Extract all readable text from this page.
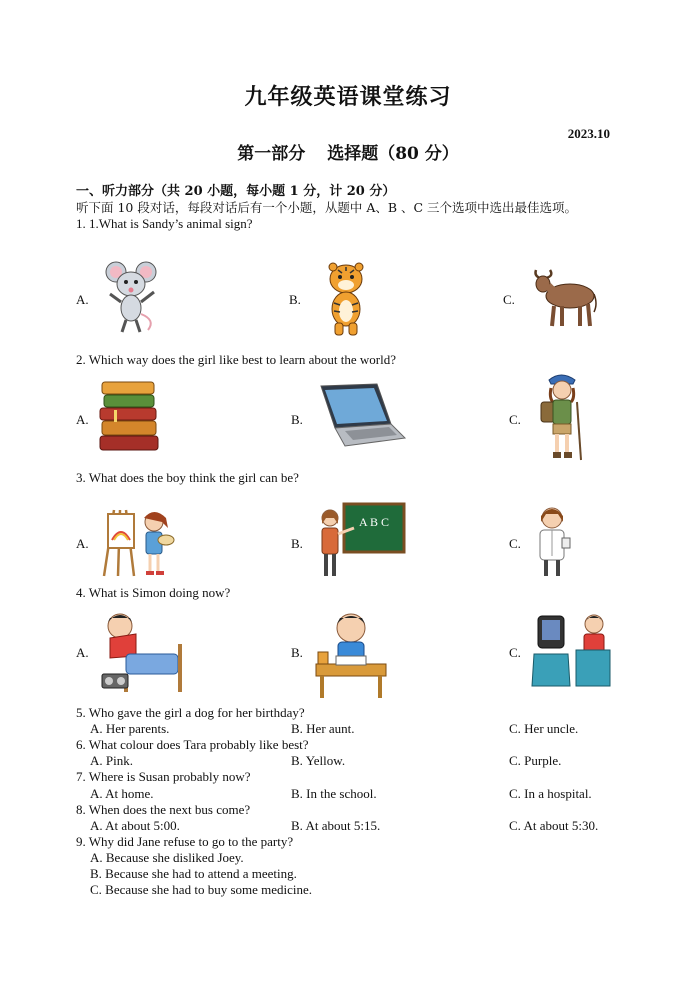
九年级英语课堂练习
2023.10
第一部分 选择题（80 分）
一、听力部分（共 20 小题，每小题 1 分，计 20 分）
听下面 10 段对话，每段对话后有一个小题，从题中 A、B 、C 三个选项中选出最佳选项。
1. 1.What is Sandy’s animal sign?
A.	B.	C.
2. Which way does the girl like best to learn about the world?
A.	B.	C.
3. What does the boy think the girl can be?
A.	B.	C.
A B C
4. What is Simon doing now?
A.	B.	C.
5. Who gave the girl a dog for her birthday?
A. Her parents.	B. Her aunt.	C. Her uncle.
6. What colour does Tara probably like best?
A. Pink.	B. Yellow.	C. Purple.
7. Where is Susan probably now?
A. At home.	B. In the school.	C. In a hospital.
8. When does the next bus come?
A. At about 5:00.	B. At about 5:15.	C. At about 5:30.
9. Why did Jane refuse to go to the party?
A. Because she disliked Joey.
B. Because she had to attend a meeting.
C. Because she had to buy some medicine.
